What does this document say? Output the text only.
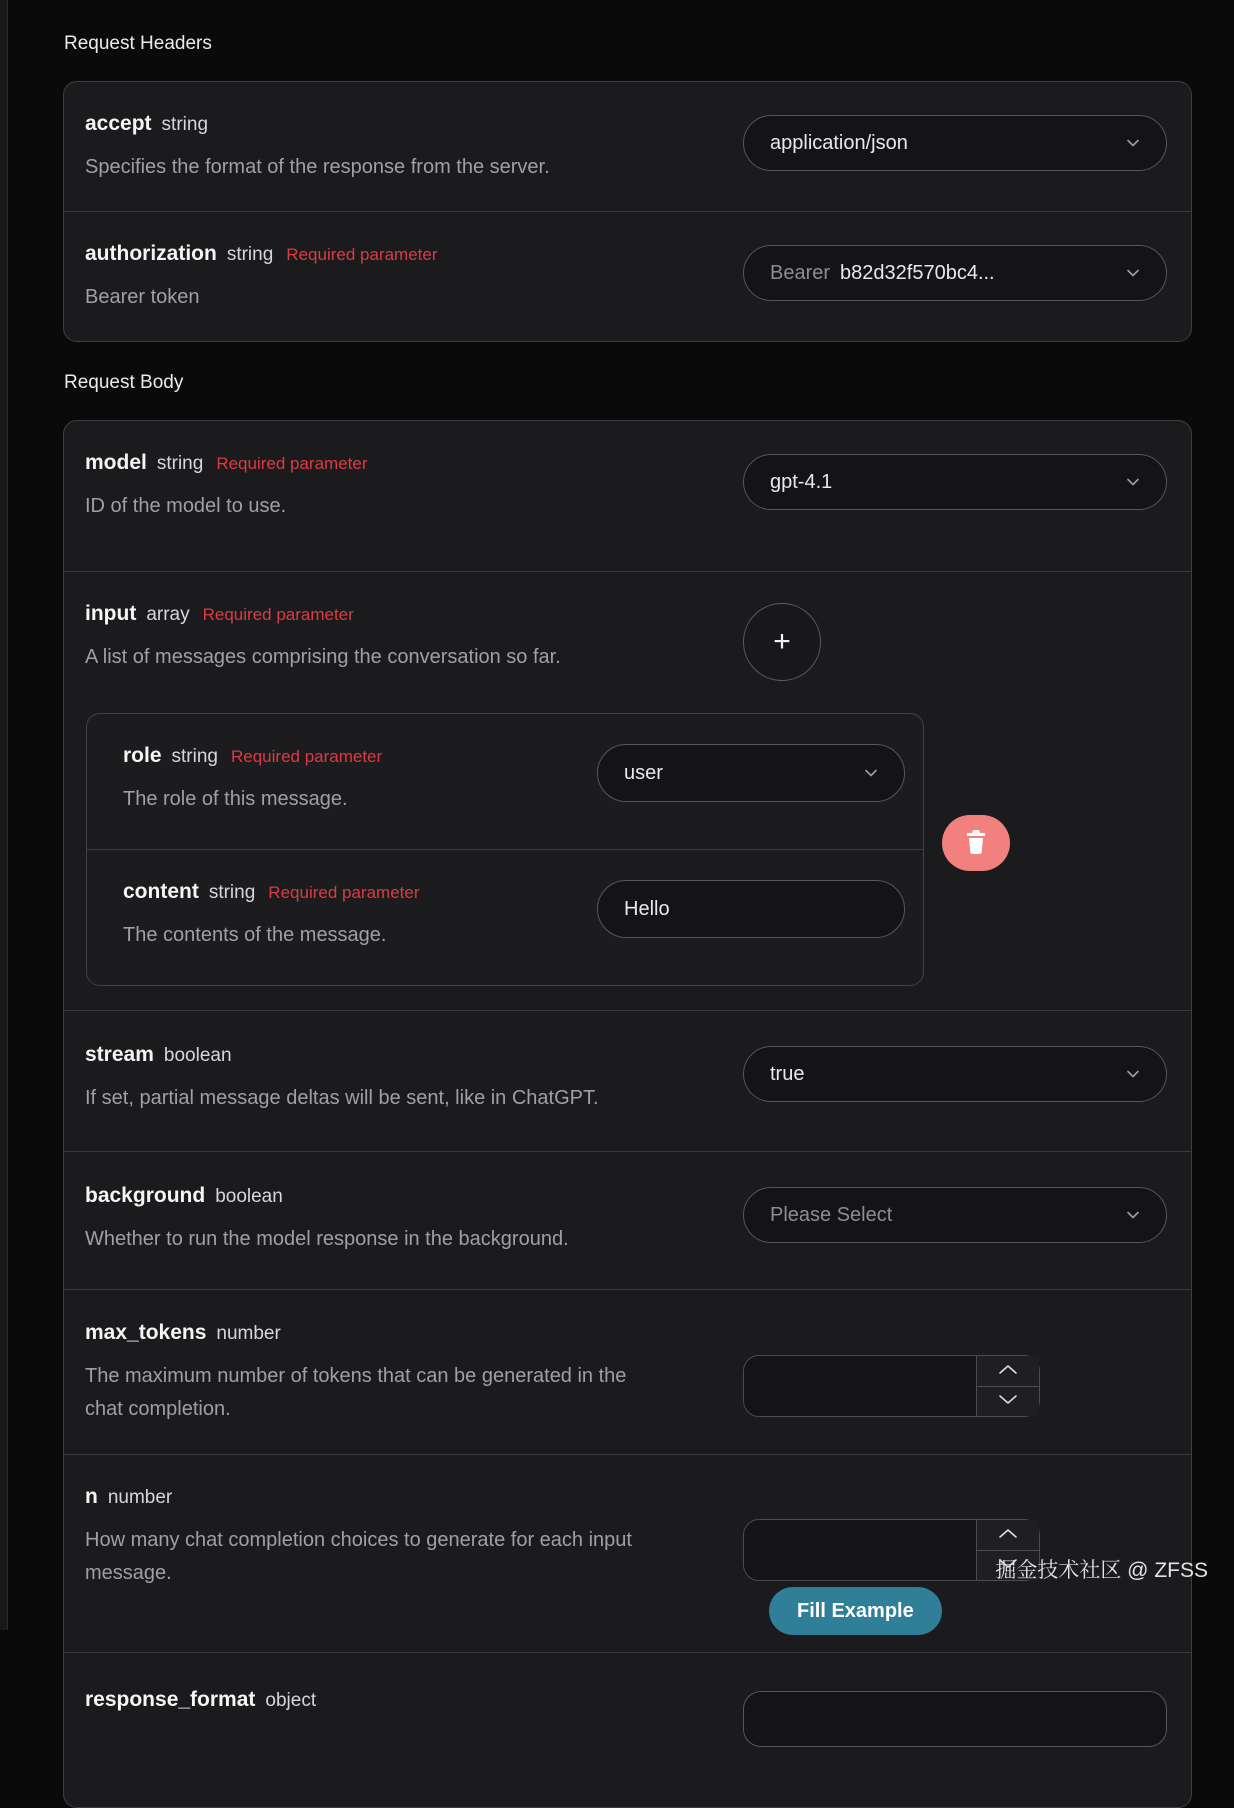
Request Headers
accept string
Specifies the format of the response from the server.
application/json
authorization string Required parameter
Bearer token
Bearer b82d32f570bc4...
Request Body
model string Required parameter
ID of the model to use.
gpt-4.1
input array Required parameter
A list of messages comprising the conversation so far.	+
role string Required parameter
The role of this message.
user
content string Required parameter
The contents of the message.
Hello
stream boolean
If set, partial message deltas will be sent, like in ChatGPT.
true
background boolean
Whether to run the model response in the background.
Please Select
max_tokens number
The maximum number of tokens that can be generated in the chat completion.
n number
How many chat completion choices to generate for each input message.
Fill Example
response_format object
掘金技术社区 @ ZFSS
